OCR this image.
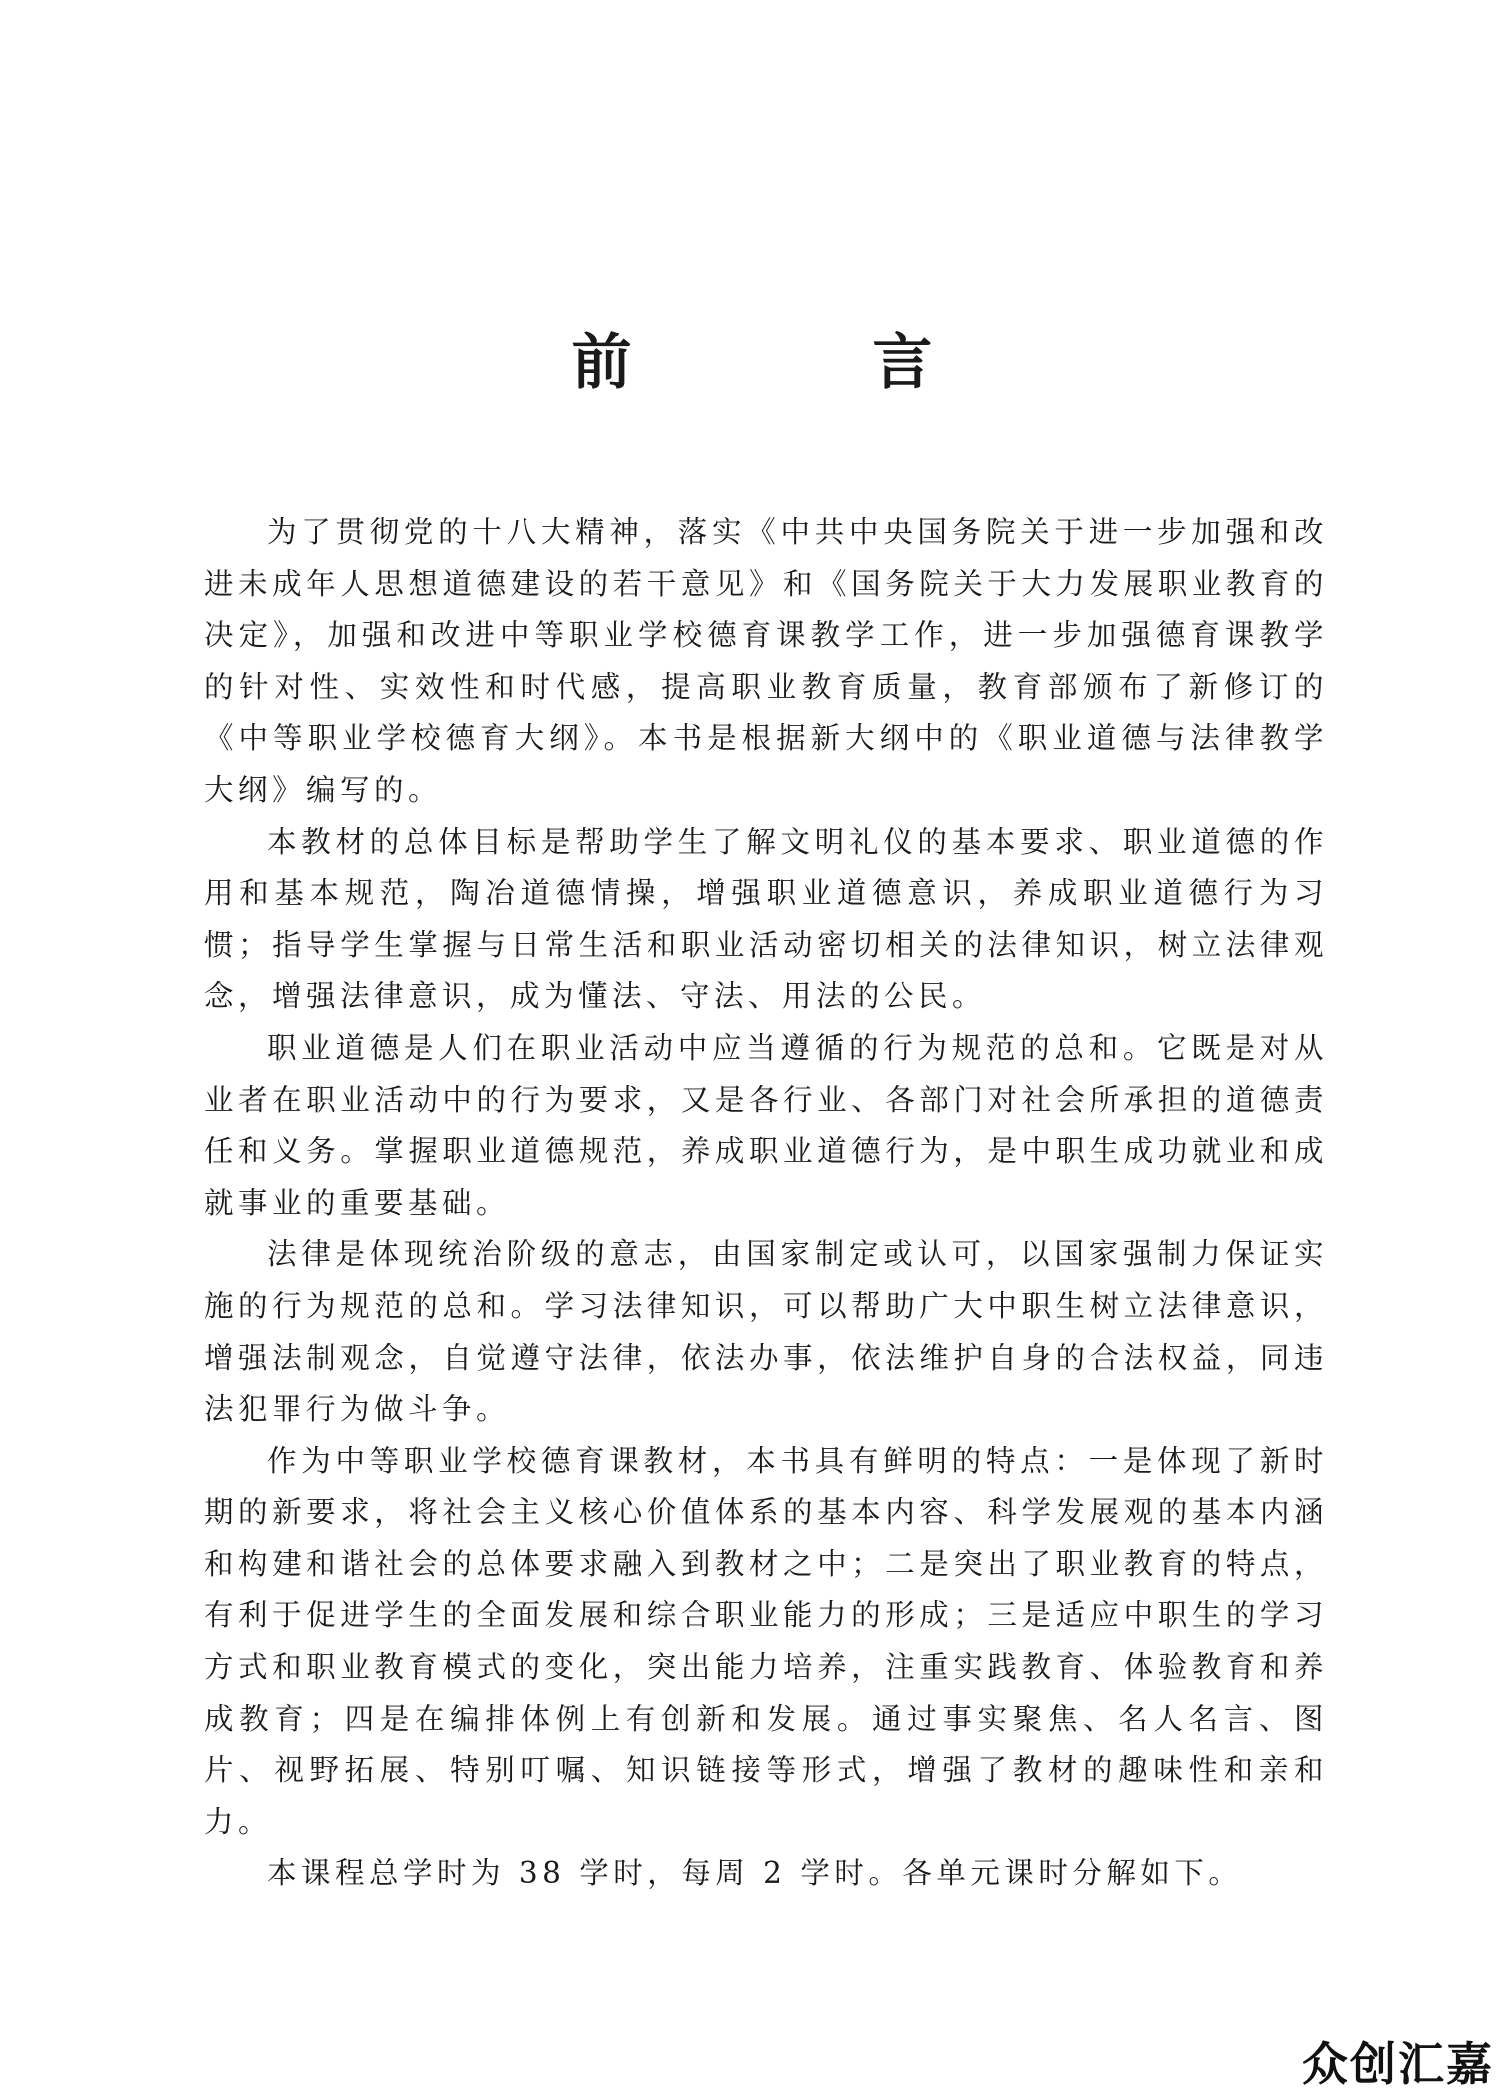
前 言

为了贯彻党的十八大精神，落实《中共中央国务院关于进一步加强和改进未成年人思想道德建设的若干意见》和《国务院关于大力发展职业教育的决定》，加强和改进中等职业学校德育课教学工作，进一步加强德育课教学的针对性、实效性和时代感，提高职业教育质量，教育部颁布了新修订的《中等职业学校德育大纲》。本书是根据新大纲中的《职业道德与法律教学大纲》编写的。

本教材的总体目标是帮助学生了解文明礼仪的基本要求、职业道德的作用和基本规范，陶冶道德情操，增强职业道德意识，养成职业道德行为习惯；指导学生掌握与日常生活和职业活动密切相关的法律知识，树立法律观念，增强法律意识，成为懂法、守法、用法的公民。

职业道德是人们在职业活动中应当遵循的行为规范的总和。它既是对从业者在职业活动中的行为要求，又是各行业、各部门对社会所承担的道德责任和义务。掌握职业道德规范，养成职业道德行为，是中职生成功就业和成就事业的重要基础。

法律是体现统治阶级的意志，由国家制定或认可，以国家强制力保证实施的行为规范的总和。学习法律知识，可以帮助广大中职生树立法律意识，增强法制观念，自觉遵守法律，依法办事，依法维护自身的合法权益，同违法犯罪行为做斗争。

作为中等职业学校德育课教材，本书具有鲜明的特点：一是体现了新时期的新要求，将社会主义核心价值体系的基本内容、科学发展观的基本内涵和构建和谐社会的总体要求融入到教材之中；二是突出了职业教育的特点，有利于促进学生的全面发展和综合职业能力的形成；三是适应中职生的学习方式和职业教育模式的变化，突出能力培养，注重实践教育、体验教育和养成教育；四是在编排体例上有创新和发展。通过事实聚焦、名人名言、图片、视野拓展、特别叮嘱、知识链接等形式，增强了教材的趣味性和亲和力。

本课程总学时为 38 学时，每周 2 学时。各单元课时分解如下。

众创汇嘉
